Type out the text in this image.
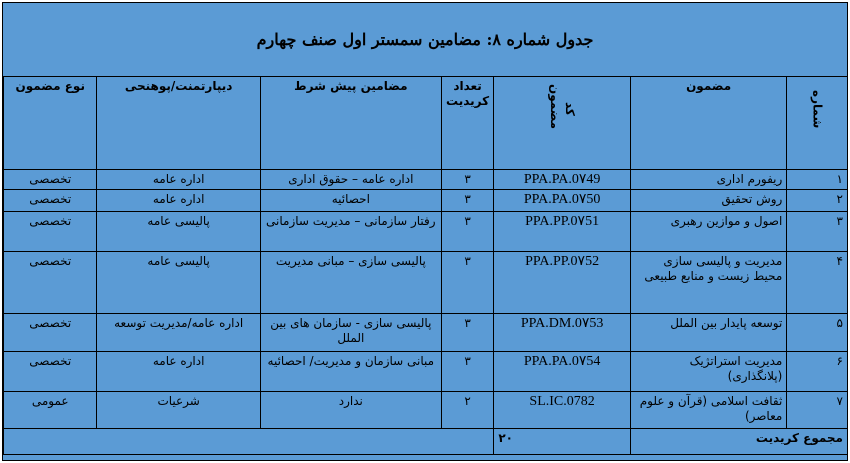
جدول شماره ۸: مضامین سمستر اول صنف چهارم
شماره	مضمون	کد مضمون	تعداد کریدیت	مضامین پیش شرط	دیپارتمنت/پوهنحی	نوع مضمون
۱	ریفورم اداری	PPA.PA.0۷49	۳	اداره عامه – حقوق اداری	اداره عامه	تخصصی
۲	روش تحقیق	PPA.PA.0۷50	۳	احصائیه	اداره عامه	تخصصی
۳	اصول و موازین رهبری	PPA.PP.0۷51	۳	رفتار سازمانی – مدیریت سازمانی	پالیسی عامه	تخصصی
۴	مدیریت و پالیسی سازی محیط زیست و منابع طبیعی	PPA.PP.0۷52	۳	پالیسی سازی – مبانی مدیریت	پالیسی عامه	تخصصی
۵	توسعه پایدار بین الملل	PPA.DM.0۷53	۳	پالیسی سازی - سازمان های بین الملل	اداره عامه/مدیریت توسعه	تخصصی
۶	مدیریت استراتژیک (پلانگذاری)	PPA.PA.0۷54	۳	مبانی سازمان و مدیریت/ احصائیه	اداره عامه	تخصصی
۷	ثقافت اسلامی (قرآن و علوم معاصر)	SL.IC.0782	۲	ندارد	شرعیات	عمومی
مجموع کریدیت		۲۰				
